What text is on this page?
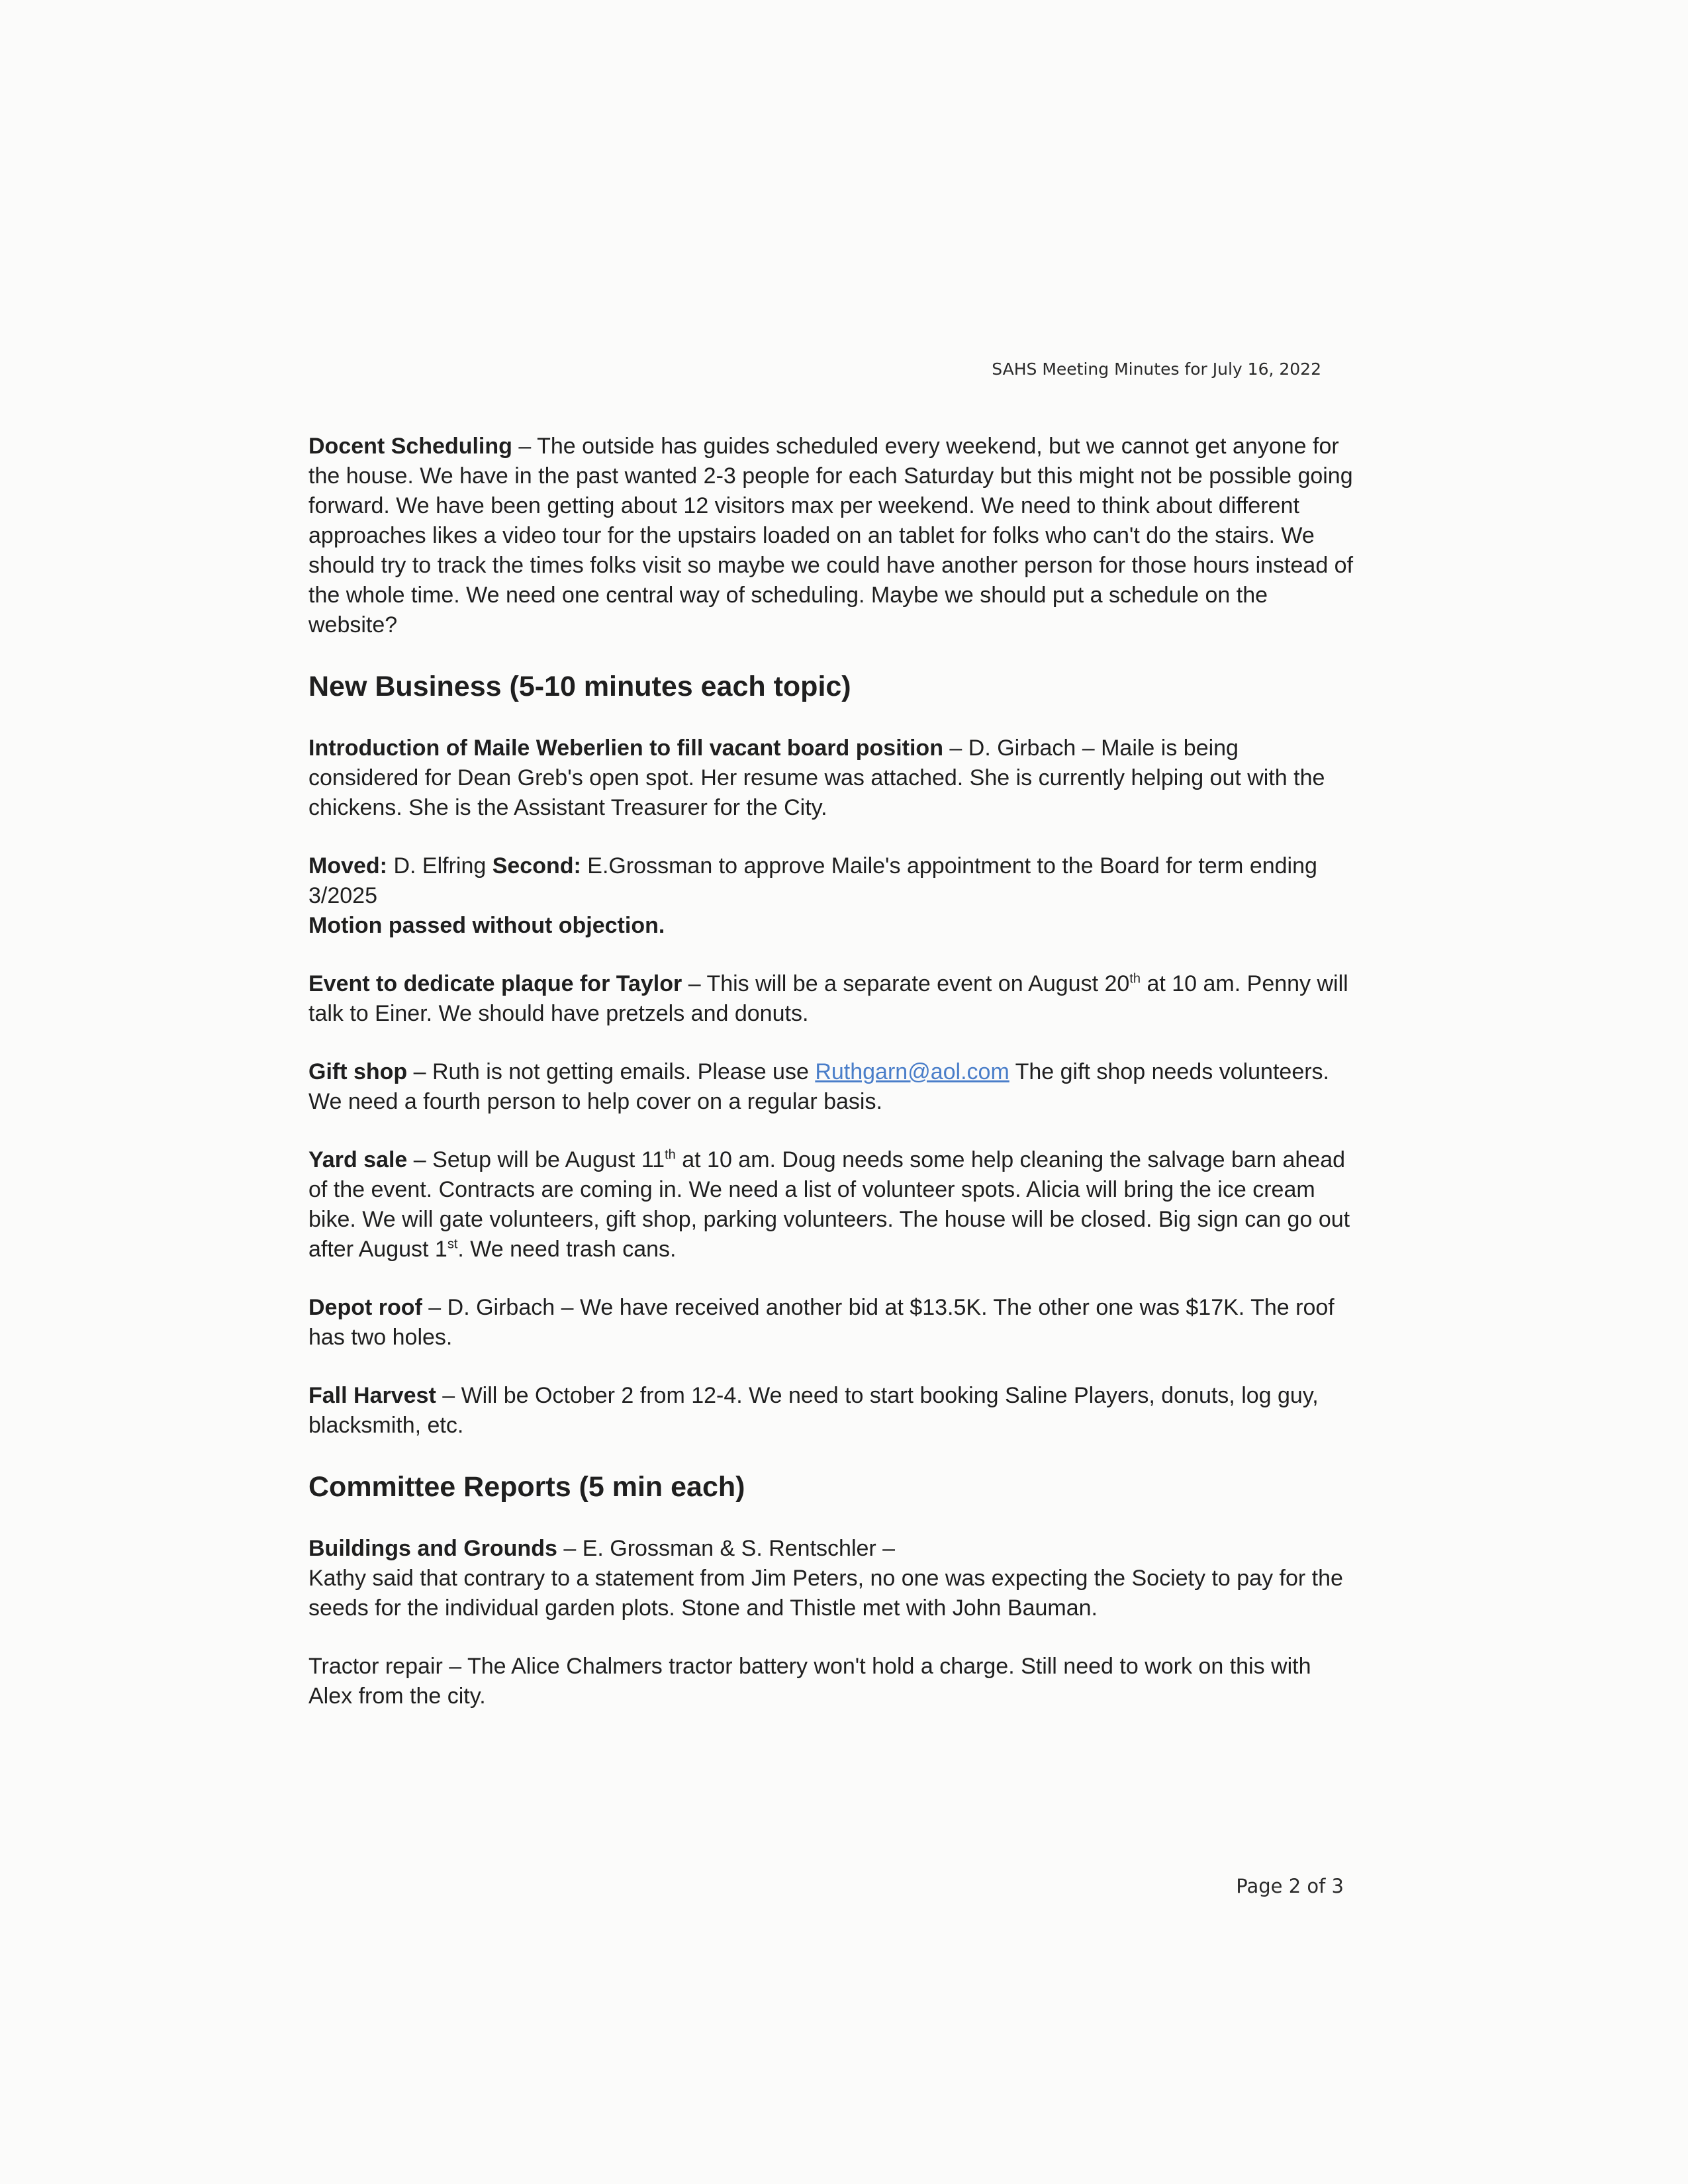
SAHS Meeting Minutes for July 16, 2022

Docent Scheduling – The outside has guides scheduled every weekend, but we cannot get anyone for the house. We have in the past wanted 2-3 people for each Saturday but this might not be possible going forward. We have been getting about 12 visitors max per weekend. We need to think about different approaches likes a video tour for the upstairs loaded on an tablet for folks who can't do the stairs. We should try to track the times folks visit so maybe we could have another person for those hours instead of the whole time. We need one central way of scheduling. Maybe we should put a schedule on the website?

New Business (5-10 minutes each topic)

Introduction of Maile Weberlien to fill vacant board position – D. Girbach – Maile is being considered for Dean Greb's open spot. Her resume was attached. She is currently helping out with the chickens. She is the Assistant Treasurer for the City.

Moved: D. Elfring Second: E.Grossman to approve Maile's appointment to the Board for term ending 3/2025

Motion passed without objection.

Event to dedicate plaque for Taylor – This will be a separate event on August 20th at 10 am. Penny will talk to Einer. We should have pretzels and donuts.

Gift shop – Ruth is not getting emails. Please use Ruthgarn@aol.com The gift shop needs volunteers. We need a fourth person to help cover on a regular basis.

Yard sale – Setup will be August 11th at 10 am. Doug needs some help cleaning the salvage barn ahead of the event. Contracts are coming in. We need a list of volunteer spots. Alicia will bring the ice cream bike. We will gate volunteers, gift shop, parking volunteers. The house will be closed. Big sign can go out after August 1st. We need trash cans.

Depot roof – D. Girbach – We have received another bid at $13.5K. The other one was $17K. The roof has two holes.

Fall Harvest – Will be October 2 from 12-4. We need to start booking Saline Players, donuts, log guy, blacksmith, etc.

Committee Reports (5 min each)

Buildings and Grounds – E. Grossman & S. Rentschler –

Kathy said that contrary to a statement from Jim Peters, no one was expecting the Society to pay for the seeds for the individual garden plots. Stone and Thistle met with John Bauman.

Tractor repair – The Alice Chalmers tractor battery won't hold a charge. Still need to work on this with Alex from the city.

Page 2 of 3
